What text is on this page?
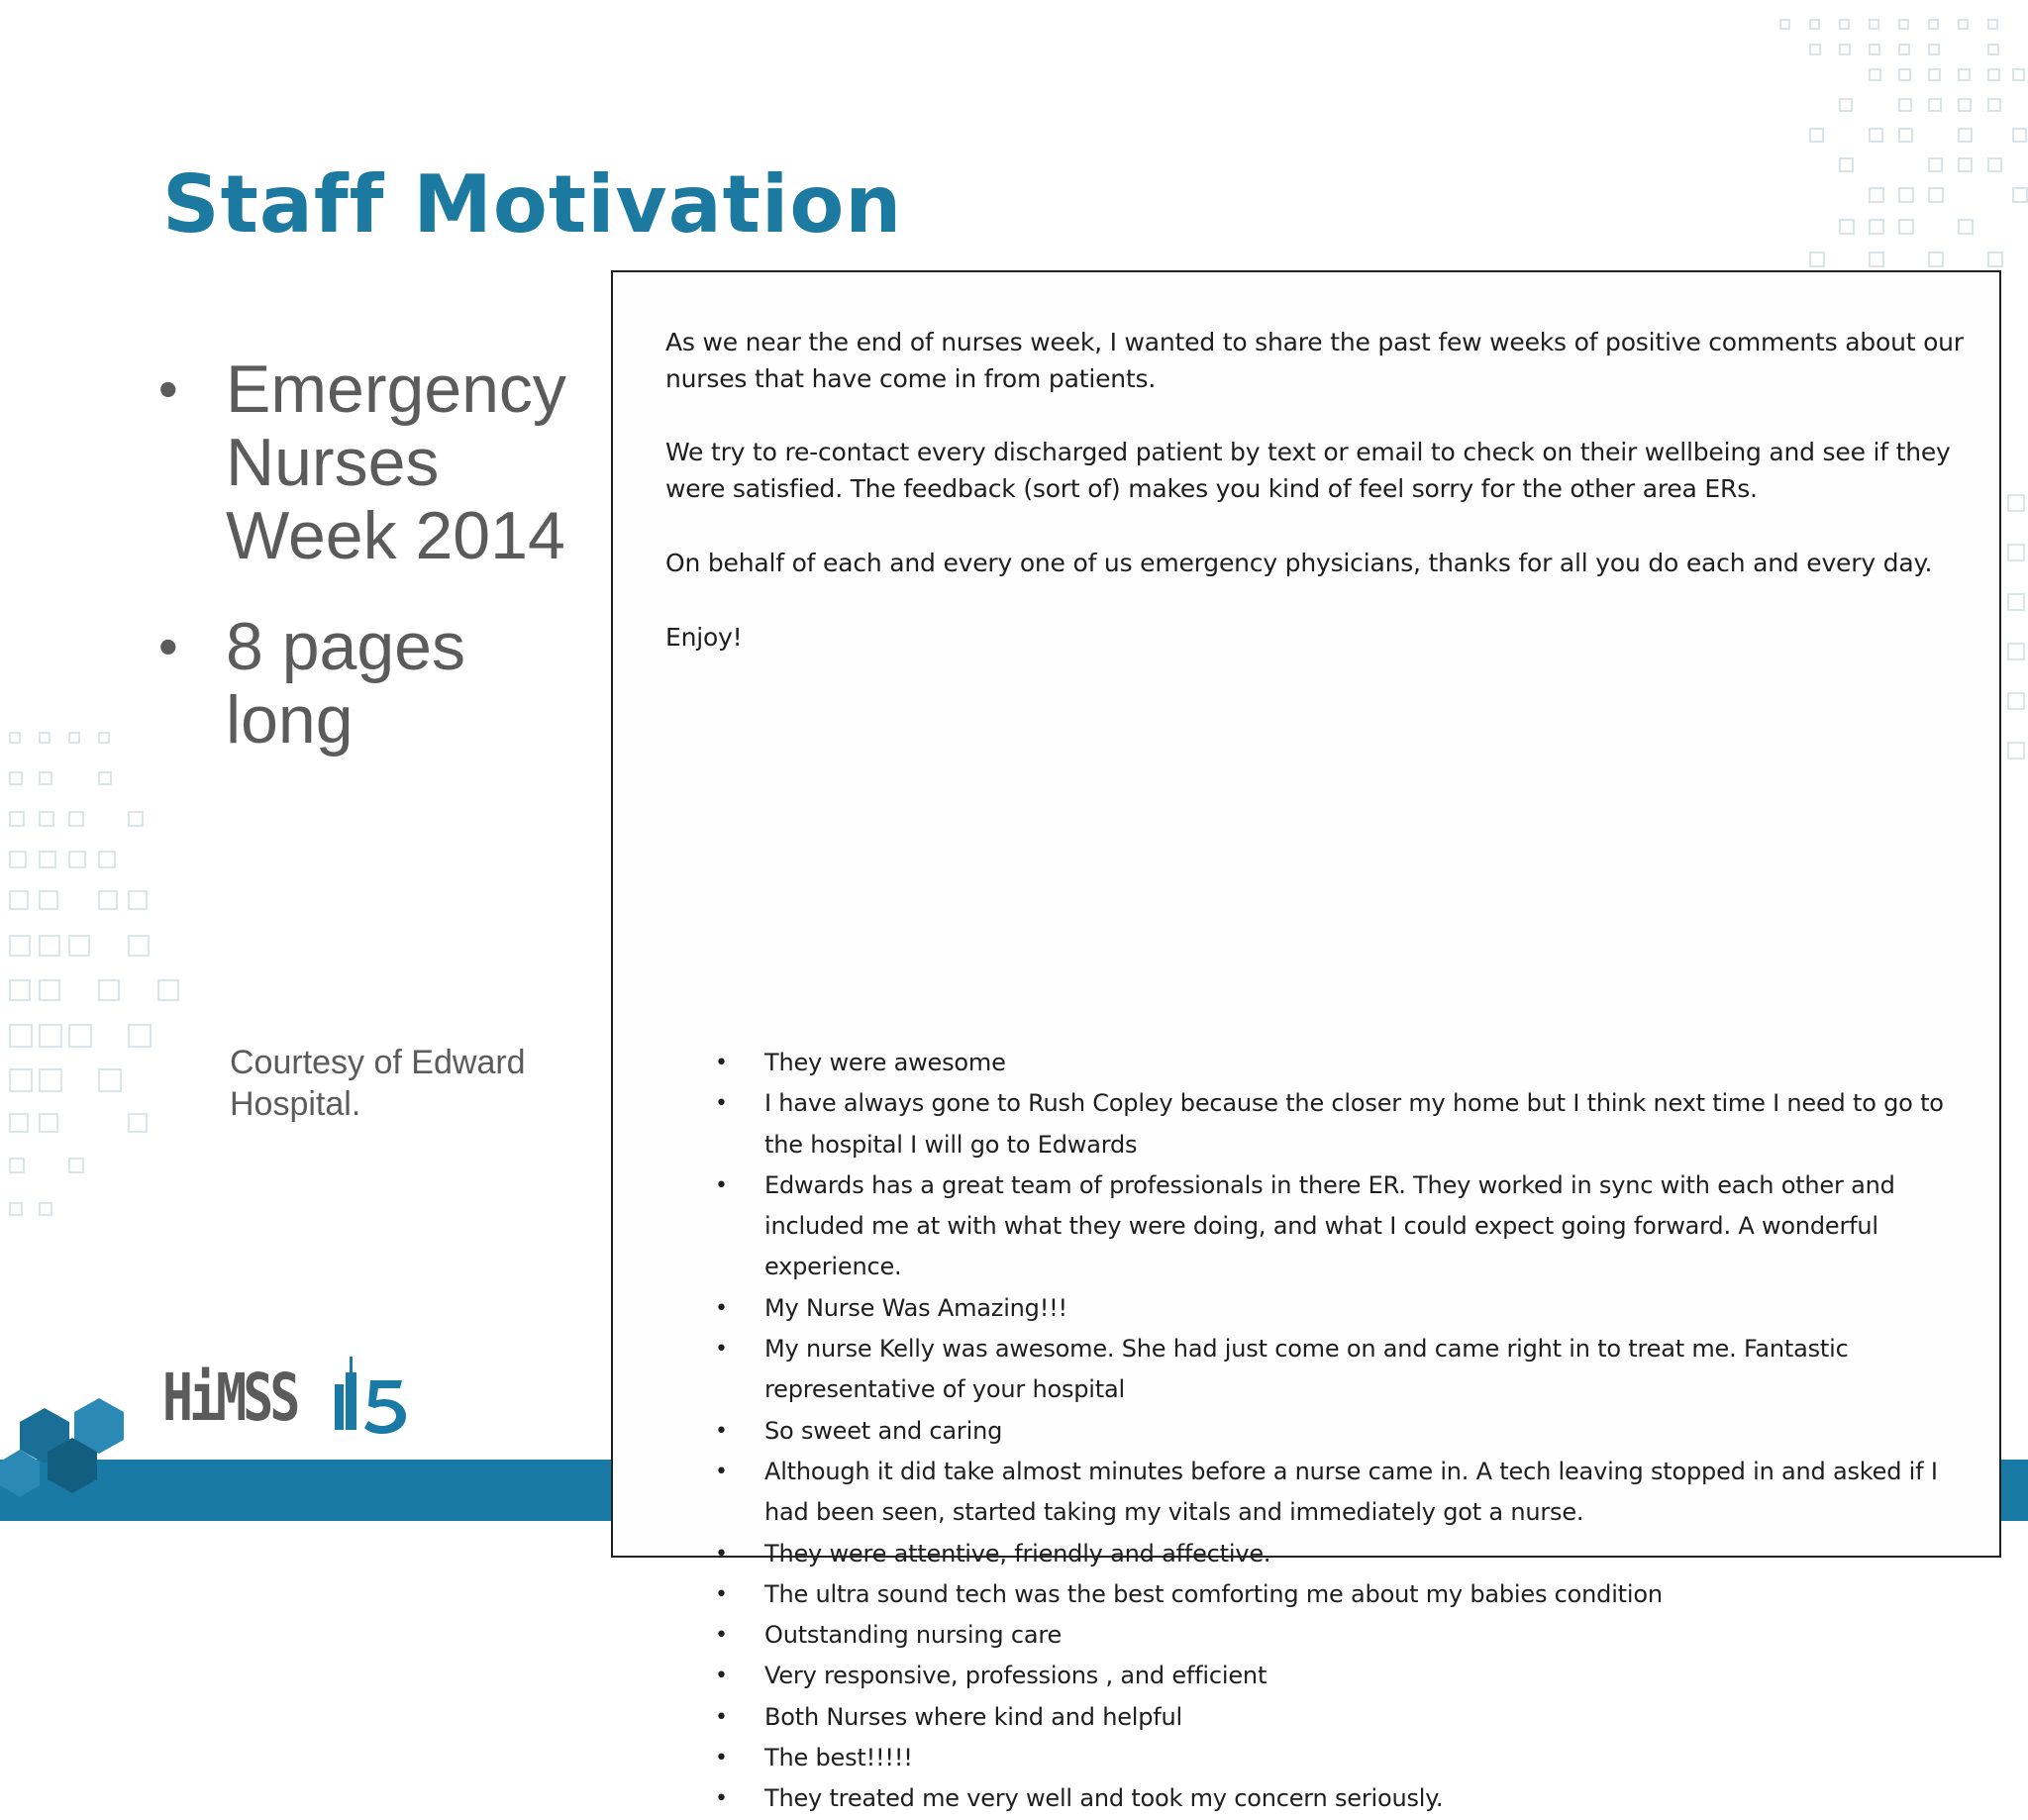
Staff Motivation
• Emergency Nurses Week 2014
• 8 pages long
Courtesy of Edward Hospital.
HiMSS

As we near the end of nurses week, I wanted to share the past few weeks of positive comments about our nurses that have come in from patients.

We try to re-contact every discharged patient by text or email to check on their wellbeing and see if they were satisfied. The feedback (sort of) makes you kind of feel sorry for the other area ERs.

On behalf of each and every one of us emergency physicians, thanks for all you do each and every day.

Enjoy!

• They were awesome
• I have always gone to Rush Copley because the closer my home but I think next time I need to go to the hospital I will go to Edwards
• Edwards has a great team of professionals in there ER. They worked in sync with each other and included me at with what they were doing, and what I could expect going forward. A wonderful experience.
• My Nurse Was Amazing!!!
• My nurse Kelly was awesome. She had just come on and came right in to treat me. Fantastic representative of your hospital
• So sweet and caring
• Although it did take almost minutes before a nurse came in. A tech leaving stopped in and asked if I had been seen, started taking my vitals and immediately got a nurse.
• They were attentive, friendly and affective.
• The ultra sound tech was the best comforting me about my babies condition
• Outstanding nursing care
• Very responsive, professions , and efficient
• Both Nurses where kind and helpful
• The best!!!!!
• They treated me very well and took my concern seriously.
